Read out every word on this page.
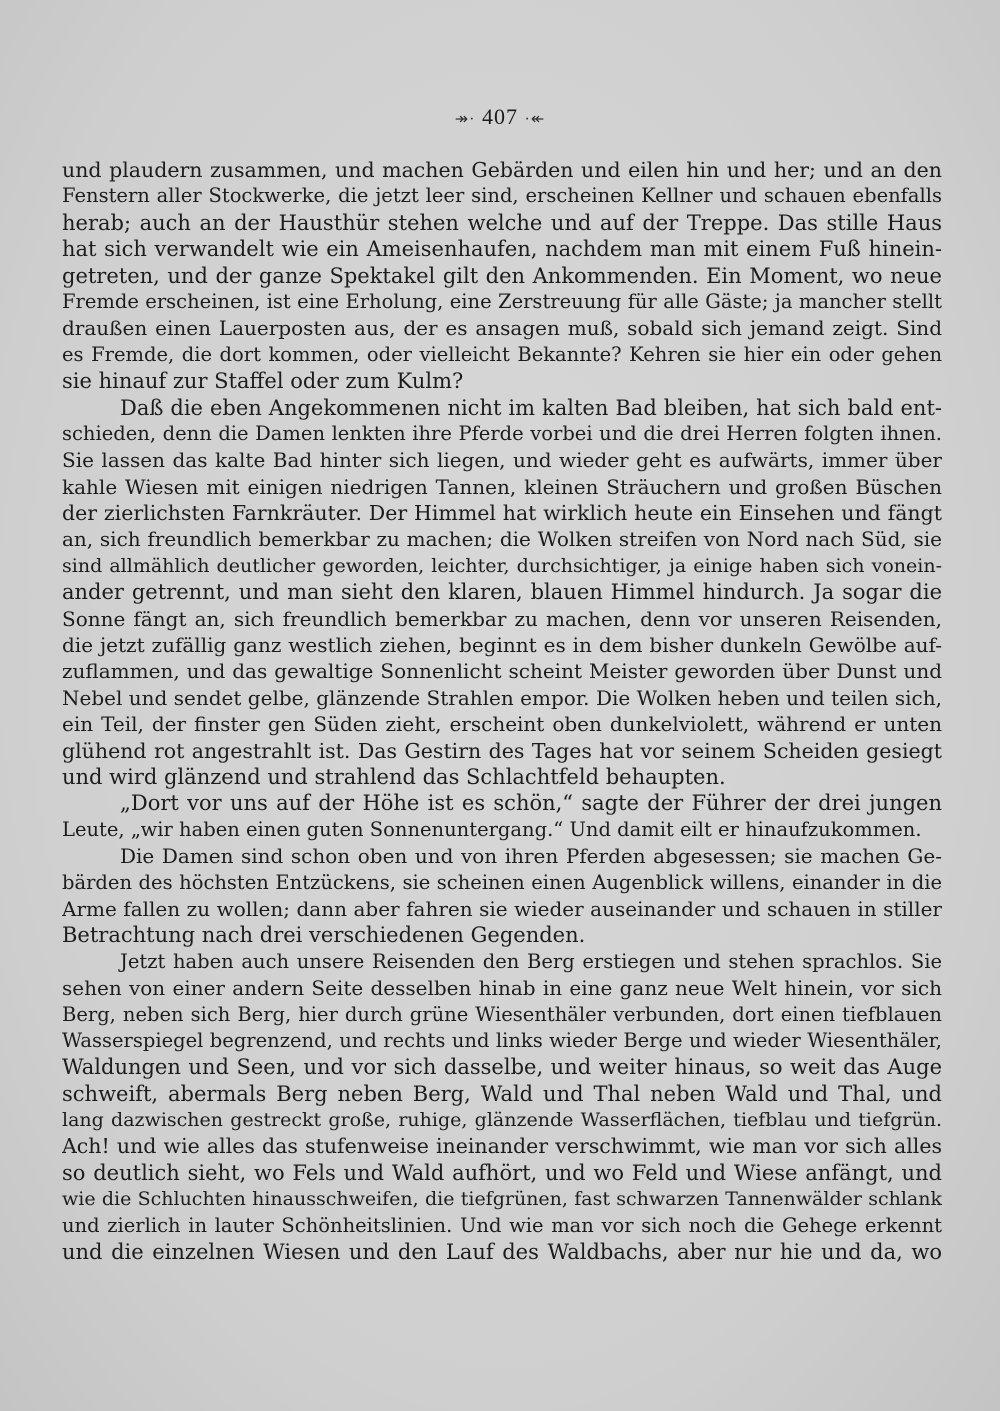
↠· 407 ·↞
und plaudern zusammen, und machen Gebärden und eilen hin und her; und an den
Fenstern aller Stockwerke, die jetzt leer sind, erscheinen Kellner und schauen ebenfalls
herab; auch an der Hausthür stehen welche und auf der Treppe. Das stille Haus
hat sich verwandelt wie ein Ameisenhaufen, nachdem man mit einem Fuß hinein-
getreten, und der ganze Spektakel gilt den Ankommenden. Ein Moment, wo neue
Fremde erscheinen, ist eine Erholung, eine Zerstreuung für alle Gäste; ja mancher stellt
draußen einen Lauerposten aus, der es ansagen muß, sobald sich jemand zeigt. Sind
es Fremde, die dort kommen, oder vielleicht Bekannte? Kehren sie hier ein oder gehen
sie hinauf zur Staffel oder zum Kulm?
Daß die eben Angekommenen nicht im kalten Bad bleiben, hat sich bald ent-
schieden, denn die Damen lenkten ihre Pferde vorbei und die drei Herren folgten ihnen.
Sie lassen das kalte Bad hinter sich liegen, und wieder geht es aufwärts, immer über
kahle Wiesen mit einigen niedrigen Tannen, kleinen Sträuchern und großen Büschen
der zierlichsten Farnkräuter. Der Himmel hat wirklich heute ein Einsehen und fängt
an, sich freundlich bemerkbar zu machen; die Wolken streifen von Nord nach Süd, sie
sind allmählich deutlicher geworden, leichter, durchsichtiger, ja einige haben sich vonein-
ander getrennt, und man sieht den klaren, blauen Himmel hindurch. Ja sogar die
Sonne fängt an, sich freundlich bemerkbar zu machen, denn vor unseren Reisenden,
die jetzt zufällig ganz westlich ziehen, beginnt es in dem bisher dunkeln Gewölbe auf-
zuflammen, und das gewaltige Sonnenlicht scheint Meister geworden über Dunst und
Nebel und sendet gelbe, glänzende Strahlen empor. Die Wolken heben und teilen sich,
ein Teil, der finster gen Süden zieht, erscheint oben dunkelviolett, während er unten
glühend rot angestrahlt ist. Das Gestirn des Tages hat vor seinem Scheiden gesiegt
und wird glänzend und strahlend das Schlachtfeld behaupten.
„Dort vor uns auf der Höhe ist es schön,“ sagte der Führer der drei jungen
Leute, „wir haben einen guten Sonnenuntergang.“ Und damit eilt er hinaufzukommen.
Die Damen sind schon oben und von ihren Pferden abgesessen; sie machen Ge-
bärden des höchsten Entzückens, sie scheinen einen Augenblick willens, einander in die
Arme fallen zu wollen; dann aber fahren sie wieder auseinander und schauen in stiller
Betrachtung nach drei verschiedenen Gegenden.
Jetzt haben auch unsere Reisenden den Berg erstiegen und stehen sprachlos. Sie
sehen von einer andern Seite desselben hinab in eine ganz neue Welt hinein, vor sich
Berg, neben sich Berg, hier durch grüne Wiesenthäler verbunden, dort einen tiefblauen
Wasserspiegel begrenzend, und rechts und links wieder Berge und wieder Wiesenthäler,
Waldungen und Seen, und vor sich dasselbe, und weiter hinaus, so weit das Auge
schweift, abermals Berg neben Berg, Wald und Thal neben Wald und Thal, und
lang dazwischen gestreckt große, ruhige, glänzende Wasserflächen, tiefblau und tiefgrün.
Ach! und wie alles das stufenweise ineinander verschwimmt, wie man vor sich alles
so deutlich sieht, wo Fels und Wald aufhört, und wo Feld und Wiese anfängt, und
wie die Schluchten hinausschweifen, die tiefgrünen, fast schwarzen Tannenwälder schlank
und zierlich in lauter Schönheitslinien. Und wie man vor sich noch die Gehege erkennt
und die einzelnen Wiesen und den Lauf des Waldbachs, aber nur hie und da, wo
